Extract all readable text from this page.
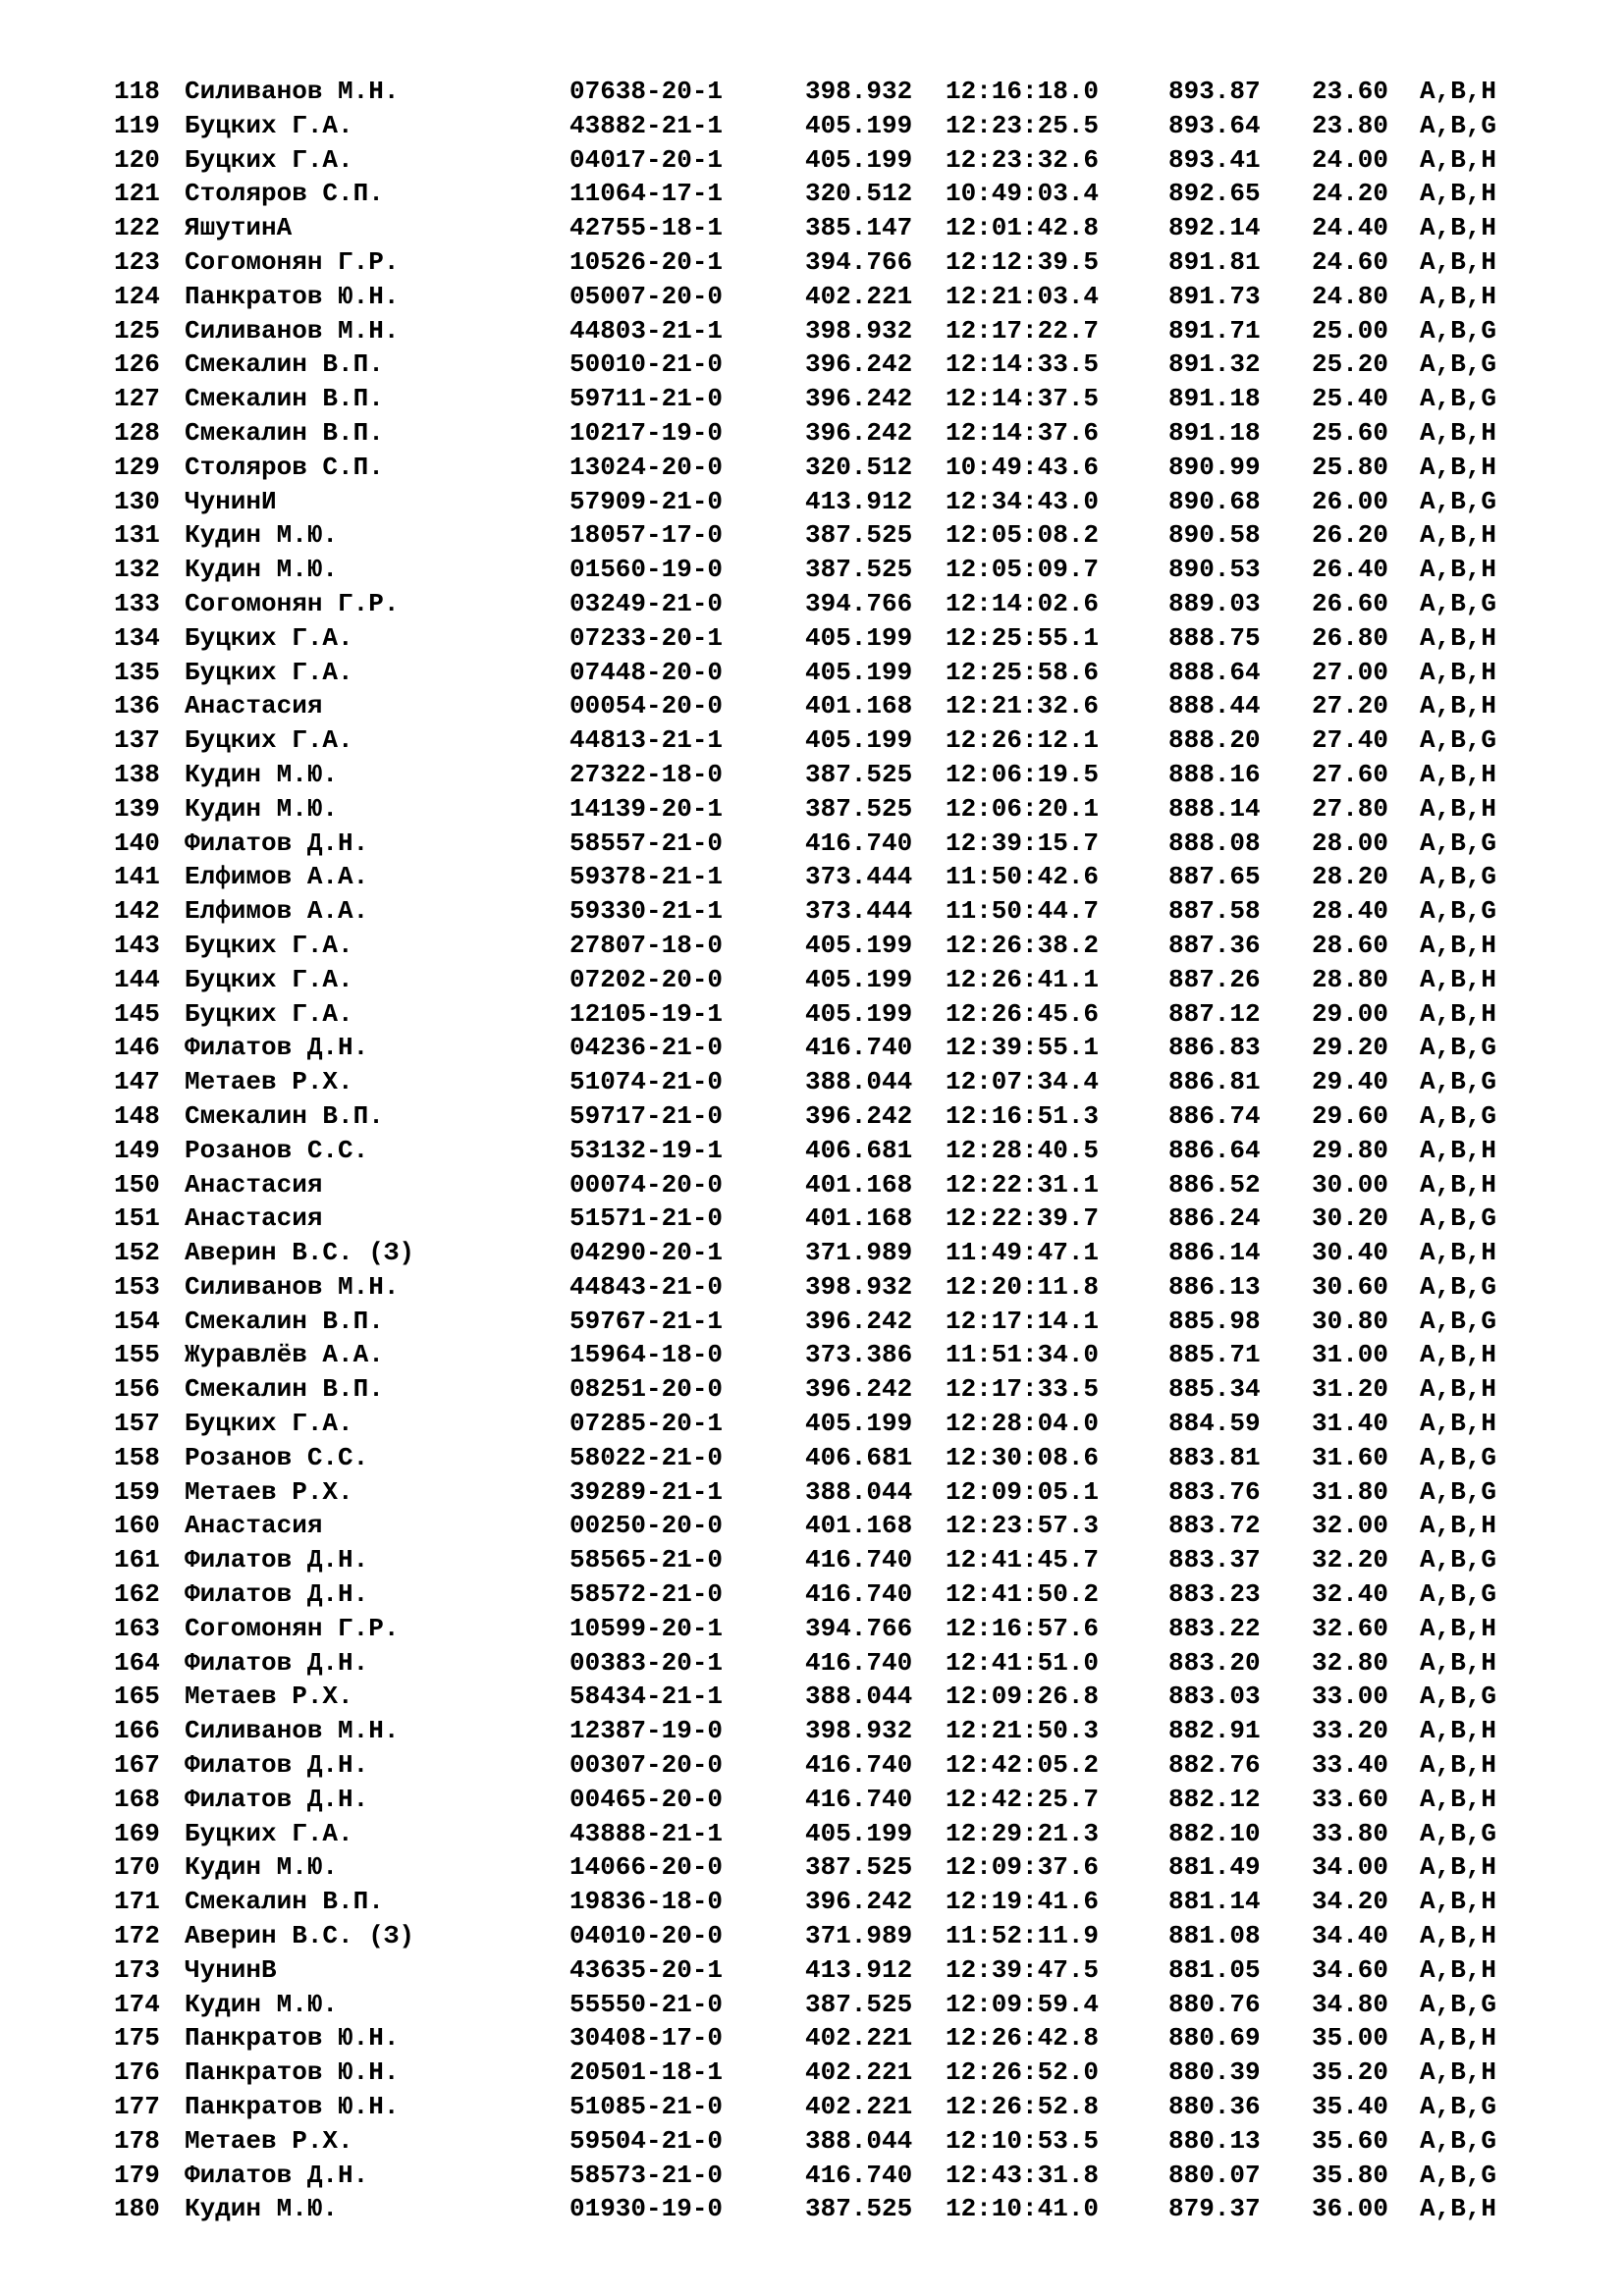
118 Силиванов М.Н.	07638-20-1	398.932 12:16:18.0	893.87 23.60 A,B,H
119 Буцких Г.А.	43882-21-1	405.199 12:23:25.5	893.64 23.80 A,B,G
120 Буцких Г.А.	04017-20-1	405.199 12:23:32.6	893.41 24.00 A,B,H
121 Столяров С.П.	11064-17-1	320.512 10:49:03.4	892.65 24.20 A,B,H
122 ЯшутинА	42755-18-1	385.147 12:01:42.8	892.14 24.40 A,B,H
123 Согомонян Г.Р.	10526-20-1	394.766 12:12:39.5	891.81 24.60 A,B,H
124 Панкратов Ю.Н.	05007-20-0	402.221 12:21:03.4	891.73 24.80 A,B,H
125 Силиванов М.Н.	44803-21-1	398.932 12:17:22.7	891.71 25.00 A,B,G
126 Смекалин В.П.	50010-21-0	396.242 12:14:33.5	891.32 25.20 A,B,G
127 Смекалин В.П.	59711-21-0	396.242 12:14:37.5	891.18 25.40 A,B,G
128 Смекалин В.П.	10217-19-0	396.242 12:14:37.6	891.18 25.60 A,B,H
129 Столяров С.П.	13024-20-0	320.512 10:49:43.6	890.99 25.80 A,B,H
130 ЧунинИ	57909-21-0	413.912 12:34:43.0	890.68 26.00 A,B,G
131 Кудин М.Ю.	18057-17-0	387.525 12:05:08.2	890.58 26.20 A,B,H
132 Кудин М.Ю.	01560-19-0	387.525 12:05:09.7	890.53 26.40 A,B,H
133 Согомонян Г.Р.	03249-21-0	394.766 12:14:02.6	889.03 26.60 A,B,G
134 Буцких Г.А.	07233-20-1	405.199 12:25:55.1	888.75 26.80 A,B,H
135 Буцких Г.А.	07448-20-0	405.199 12:25:58.6	888.64 27.00 A,B,H
136 Анастасия	00054-20-0	401.168 12:21:32.6	888.44 27.20 A,B,H
137 Буцких Г.А.	44813-21-1	405.199 12:26:12.1	888.20 27.40 A,B,G
138 Кудин М.Ю.	27322-18-0	387.525 12:06:19.5	888.16 27.60 A,B,H
139 Кудин М.Ю.	14139-20-1	387.525 12:06:20.1	888.14 27.80 A,B,H
140 Филатов Д.Н.	58557-21-0	416.740 12:39:15.7	888.08 28.00 A,B,G
141 Елфимов А.А.	59378-21-1	373.444 11:50:42.6	887.65 28.20 A,B,G
142 Елфимов А.А.	59330-21-1	373.444 11:50:44.7	887.58 28.40 A,B,G
143 Буцких Г.А.	27807-18-0	405.199 12:26:38.2	887.36 28.60 A,B,H
144 Буцких Г.А.	07202-20-0	405.199 12:26:41.1	887.26 28.80 A,B,H
145 Буцких Г.А.	12105-19-1	405.199 12:26:45.6	887.12 29.00 A,B,H
146 Филатов Д.Н.	04236-21-0	416.740 12:39:55.1	886.83 29.20 A,B,G
147 Метаев Р.Х.	51074-21-0	388.044 12:07:34.4	886.81 29.40 A,B,G
148 Смекалин В.П.	59717-21-0	396.242 12:16:51.3	886.74 29.60 A,B,G
149 Розанов С.С.	53132-19-1	406.681 12:28:40.5	886.64 29.80 A,B,H
150 Анастасия	00074-20-0	401.168 12:22:31.1	886.52 30.00 A,B,H
151 Анастасия	51571-21-0	401.168 12:22:39.7	886.24 30.20 A,B,G
152 Аверин В.С. (З)	04290-20-1	371.989 11:49:47.1	886.14 30.40 A,B,H
153 Силиванов М.Н.	44843-21-0	398.932 12:20:11.8	886.13 30.60 A,B,G
154 Смекалин В.П.	59767-21-1	396.242 12:17:14.1	885.98 30.80 A,B,G
155 Журавлёв А.А.	15964-18-0	373.386 11:51:34.0	885.71 31.00 A,B,H
156 Смекалин В.П.	08251-20-0	396.242 12:17:33.5	885.34 31.20 A,B,H
157 Буцких Г.А.	07285-20-1	405.199 12:28:04.0	884.59 31.40 A,B,H
158 Розанов С.С.	58022-21-0	406.681 12:30:08.6	883.81 31.60 A,B,G
159 Метаев Р.Х.	39289-21-1	388.044 12:09:05.1	883.76 31.80 A,B,G
160 Анастасия	00250-20-0	401.168 12:23:57.3	883.72 32.00 A,B,H
161 Филатов Д.Н.	58565-21-0	416.740 12:41:45.7	883.37 32.20 A,B,G
162 Филатов Д.Н.	58572-21-0	416.740 12:41:50.2	883.23 32.40 A,B,G
163 Согомонян Г.Р.	10599-20-1	394.766 12:16:57.6	883.22 32.60 A,B,H
164 Филатов Д.Н.	00383-20-1	416.740 12:41:51.0	883.20 32.80 A,B,H
165 Метаев Р.Х.	58434-21-1	388.044 12:09:26.8	883.03 33.00 A,B,G
166 Силиванов М.Н.	12387-19-0	398.932 12:21:50.3	882.91 33.20 A,B,H
167 Филатов Д.Н.	00307-20-0	416.740 12:42:05.2	882.76 33.40 A,B,H
168 Филатов Д.Н.	00465-20-0	416.740 12:42:25.7	882.12 33.60 A,B,H
169 Буцких Г.А.	43888-21-1	405.199 12:29:21.3	882.10 33.80 A,B,G
170 Кудин М.Ю.	14066-20-0	387.525 12:09:37.6	881.49 34.00 A,B,H
171 Смекалин В.П.	19836-18-0	396.242 12:19:41.6	881.14 34.20 A,B,H
172 Аверин В.С. (З)	04010-20-0	371.989 11:52:11.9	881.08 34.40 A,B,H
173 ЧунинВ	43635-20-1	413.912 12:39:47.5	881.05 34.60 A,B,H
174 Кудин М.Ю.	55550-21-0	387.525 12:09:59.4	880.76 34.80 A,B,G
175 Панкратов Ю.Н.	30408-17-0	402.221 12:26:42.8	880.69 35.00 A,B,H
176 Панкратов Ю.Н.	20501-18-1	402.221 12:26:52.0	880.39 35.20 A,B,H
177 Панкратов Ю.Н.	51085-21-0	402.221 12:26:52.8	880.36 35.40 A,B,G
178 Метаев Р.Х.	59504-21-0	388.044 12:10:53.5	880.13 35.60 A,B,G
179 Филатов Д.Н.	58573-21-0	416.740 12:43:31.8	880.07 35.80 A,B,G
180 Кудин М.Ю.	01930-19-0	387.525 12:10:41.0	879.37 36.00 A,B,H
